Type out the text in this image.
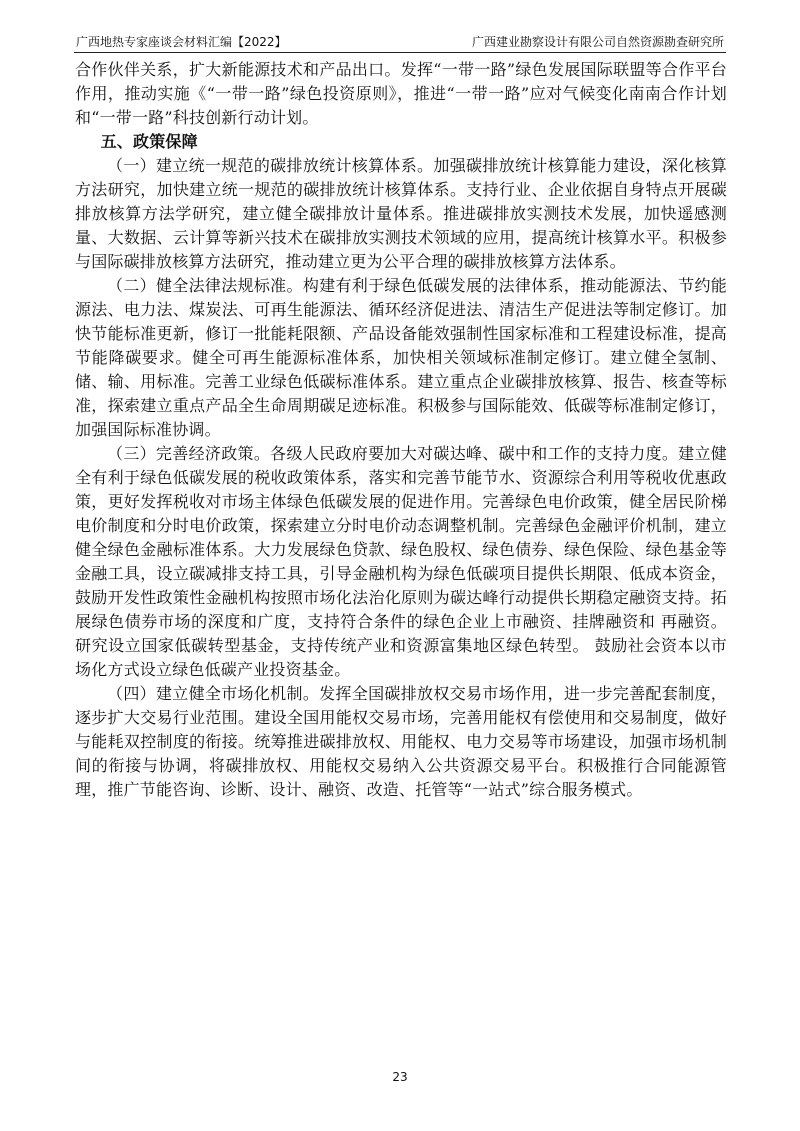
广西地热专家座谈会材料汇编【2022】	广西建业勘察设计有限公司自然资源勘查研究所

合作伙伴关系，扩大新能源技术和产品出口。发挥“一带一路”绿色发展国际联盟等合作平台作用，推动实施《“一带一路”绿色投资原则》，推进“一带一路”应对气候变化南南合作计划和“一带一路”科技创新行动计划。

五、政策保障

（一）建立统一规范的碳排放统计核算体系。加强碳排放统计核算能力建设，深化核算方法研究，加快建立统一规范的碳排放统计核算体系。支持行业、企业依据自身特点开展碳排放核算方法学研究，建立健全碳排放计量体系。推进碳排放实测技术发展，加快遥感测量、大数据、云计算等新兴技术在碳排放实测技术领域的应用，提高统计核算水平。积极参与国际碳排放核算方法研究，推动建立更为公平合理的碳排放核算方法体系。

（二）健全法律法规标准。构建有利于绿色低碳发展的法律体系，推动能源法、节约能源法、电力法、煤炭法、可再生能源法、循环经济促进法、清洁生产促进法等制定修订。加快节能标准更新，修订一批能耗限额、产品设备能效强制性国家标准和工程建设标准，提高节能降碳要求。健全可再生能源标准体系，加快相关领域标准制定修订。建立健全氢制、储、输、用标准。完善工业绿色低碳标准体系。建立重点企业碳排放核算、报告、核查等标准，探索建立重点产品全生命周期碳足迹标准。积极参与国际能效、低碳等标准制定修订，加强国际标准协调。

（三）完善经济政策。各级人民政府要加大对碳达峰、碳中和工作的支持力度。建立健全有利于绿色低碳发展的税收政策体系，落实和完善节能节水、资源综合利用等税收优惠政策，更好发挥税收对市场主体绿色低碳发展的促进作用。完善绿色电价政策，健全居民阶梯电价制度和分时电价政策，探索建立分时电价动态调整机制。完善绿色金融评价机制，建立健全绿色金融标准体系。大力发展绿色贷款、绿色股权、绿色债券、绿色保险、绿色基金等金融工具，设立碳减排支持工具，引导金融机构为绿色低碳项目提供长期限、低成本资金，鼓励开发性政策性金融机构按照市场化法治化原则为碳达峰行动提供长期稳定融资支持。拓展绿色债券市场的深度和广度，支持符合条件的绿色企业上市融资、挂牌融资和 再融资。研究设立国家低碳转型基金，支持传统产业和资源富集地区绿色转型。 鼓励社会资本以市场化方式设立绿色低碳产业投资基金。

（四）建立健全市场化机制。发挥全国碳排放权交易市场作用，进一步完善配套制度，逐步扩大交易行业范围。建设全国用能权交易市场，完善用能权有偿使用和交易制度，做好与能耗双控制度的衔接。统筹推进碳排放权、用能权、电力交易等市场建设，加强市场机制间的衔接与协调，将碳排放权、用能权交易纳入公共资源交易平台。积极推行合同能源管理，推广节能咨询、诊断、设计、融资、改造、托管等“一站式”综合服务模式。

23
